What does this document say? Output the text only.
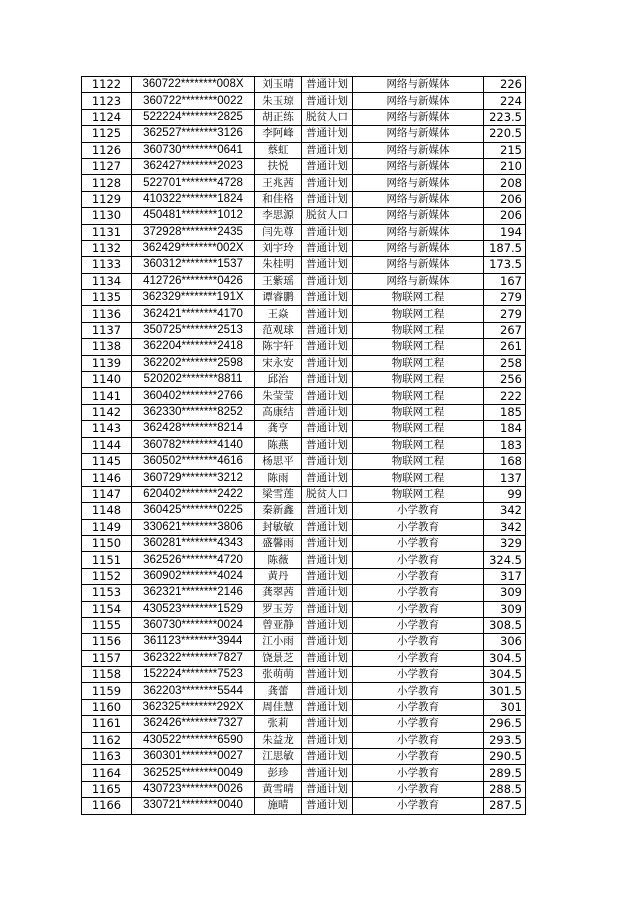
1122	360722********008X	刘玉晴	普通计划	网络与新媒体	226
1123	360722********0022	朱玉琼	普通计划	网络与新媒体	224
1124	522224********2825	胡正练	脱贫人口	网络与新媒体	223.5
1125	362527********3126	李阿峰	普通计划	网络与新媒体	220.5
1126	360730********0641	蔡虹	普通计划	网络与新媒体	215
1127	362427********2023	扶悦	普通计划	网络与新媒体	210
1128	522701********4728	王兆茜	普通计划	网络与新媒体	208
1129	410322********1824	和佳格	普通计划	网络与新媒体	206
1130	450481********1012	李思源	脱贫人口	网络与新媒体	206
1131	372928********2435	闫先尊	普通计划	网络与新媒体	194
1132	362429********002X	刘宇玲	普通计划	网络与新媒体	187.5
1133	360312********1537	朱桂明	普通计划	网络与新媒体	173.5
1134	412726********0426	王紫瑶	普通计划	网络与新媒体	167
1135	362329********191X	谭睿鹏	普通计划	物联网工程	279
1136	362421********4170	王焱	普通计划	物联网工程	279
1137	350725********2513	范观球	普通计划	物联网工程	267
1138	362204********2418	陈宇轩	普通计划	物联网工程	261
1139	362202********2598	宋永安	普通计划	物联网工程	258
1140	520202********8811	邱治	普通计划	物联网工程	256
1141	360402********2766	朱莹莹	普通计划	物联网工程	222
1142	362330********8252	高康结	普通计划	物联网工程	185
1143	362428********8214	龚亨	普通计划	物联网工程	184
1144	360782********4140	陈燕	普通计划	物联网工程	183
1145	360502********4616	杨思平	普通计划	物联网工程	168
1146	360729********3212	陈雨	普通计划	物联网工程	137
1147	620402********2422	梁雪莲	脱贫人口	物联网工程	99
1148	360425********0225	秦新鑫	普通计划	小学教育	342
1149	330621********3806	封敏敏	普通计划	小学教育	342
1150	360281********4343	盛馨雨	普通计划	小学教育	329
1151	362526********4720	陈薇	普通计划	小学教育	324.5
1152	360902********4024	黄丹	普通计划	小学教育	317
1153	362321********2146	龚翠茜	普通计划	小学教育	309
1154	430523********1529	罗玉芳	普通计划	小学教育	309
1155	360730********0024	曾亚静	普通计划	小学教育	308.5
1156	361123********3944	江小雨	普通计划	小学教育	306
1157	362322********7827	饶景芝	普通计划	小学教育	304.5
1158	152224********7523	张萌萌	普通计划	小学教育	304.5
1159	362203********5544	龚蕾	普通计划	小学教育	301.5
1160	362325********292X	周佳慧	普通计划	小学教育	301
1161	362426********7327	张莉	普通计划	小学教育	296.5
1162	430522********6590	朱益龙	普通计划	小学教育	293.5
1163	360301********0027	江思敏	普通计划	小学教育	290.5
1164	362525********0049	彭珍	普通计划	小学教育	289.5
1165	430723********0026	黄雪晴	普通计划	小学教育	288.5
1166	330721********0040	施晴	普通计划	小学教育	287.5
